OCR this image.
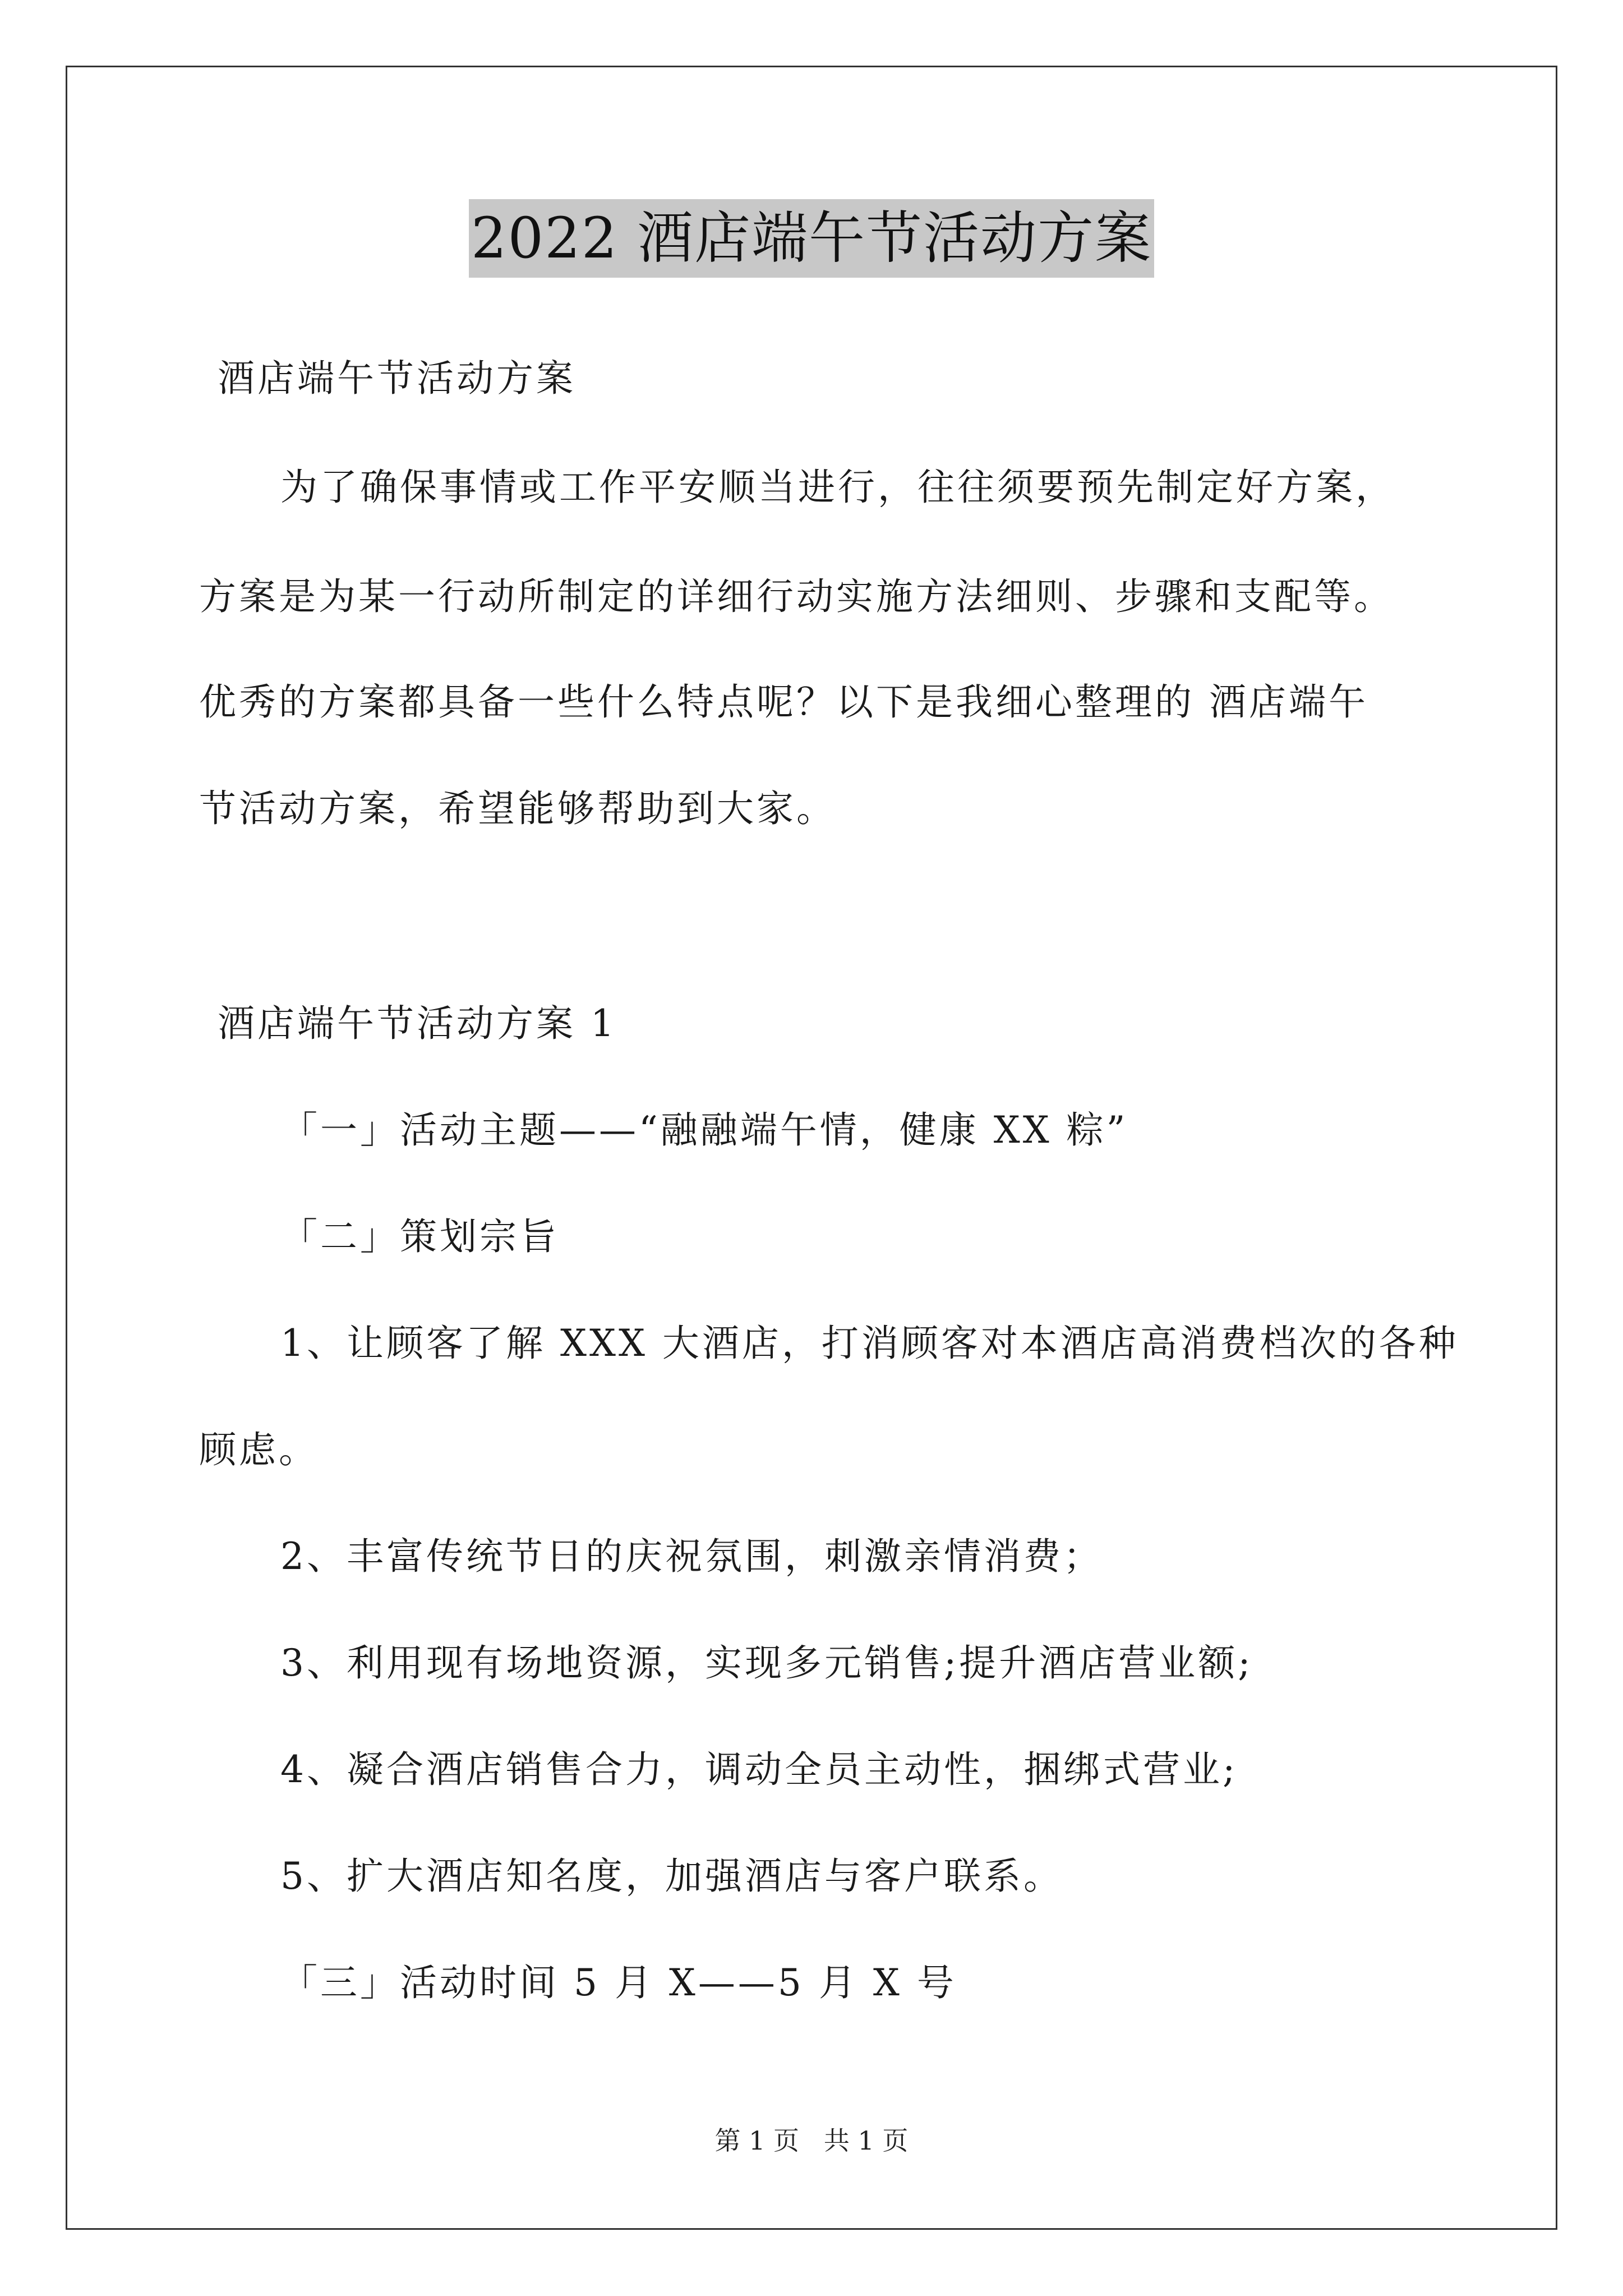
2022 酒店端午节活动方案
酒店端午节活动方案
为了确保事情或工作平安顺当进行，往往须要预先制定好方案，
方案是为某一行动所制定的详细行动实施方法细则、步骤和支配等。
优秀的方案都具备一些什么特点呢？以下是我细心整理的 酒店端午
节活动方案，希望能够帮助到大家。
酒店端午节活动方案 1
「一」活动主题——“融融端午情，健康 XX 粽”
「二」策划宗旨
1、让顾客了解 XXX 大酒店，打消顾客对本酒店高消费档次的各种
顾虑。
2、丰富传统节日的庆祝氛围，刺激亲情消费；
3、利用现有场地资源，实现多元销售;提升酒店营业额;
4、凝合酒店销售合力，调动全员主动性，捆绑式营业;
5、扩大酒店知名度，加强酒店与客户联系。
「三」活动时间 5 月 X——5 月 X 号
第 1 页   共 1 页
